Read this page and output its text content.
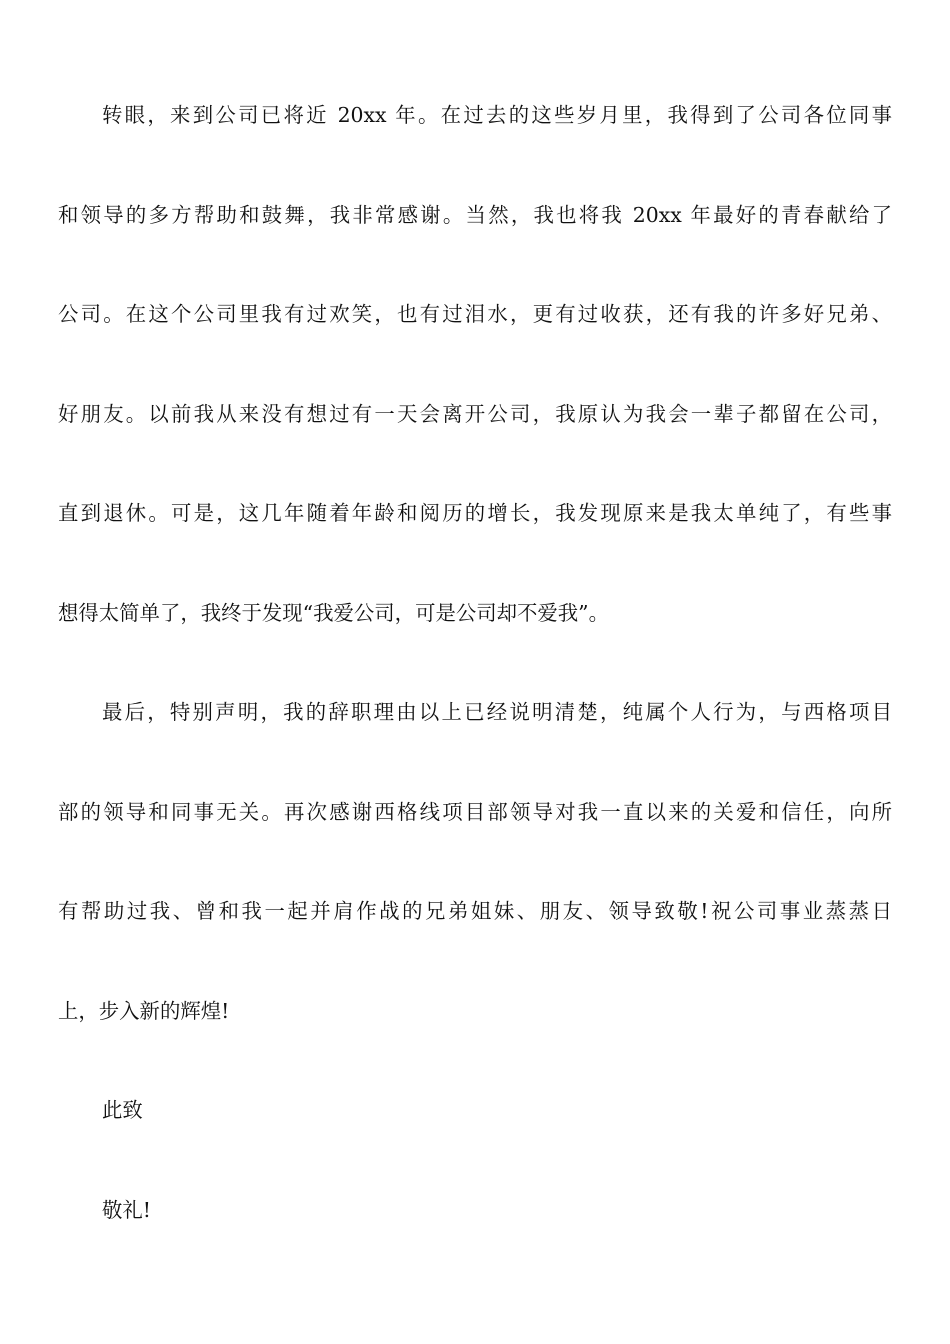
转眼，来到公司已将近 20xx 年。在过去的这些岁月里，我得到了公司各位同事

和领导的多方帮助和鼓舞，我非常感谢。当然，我也将我 20xx 年最好的青春献给了

公司。在这个公司里我有过欢笑，也有过泪水，更有过收获，还有我的许多好兄弟、

好朋友。以前我从来没有想过有一天会离开公司，我原认为我会一辈子都留在公司，

直到退休。可是，这几年随着年龄和阅历的增长，我发现原来是我太单纯了，有些事

想得太简单了，我终于发现“我爱公司，可是公司却不爱我”。

最后，特别声明，我的辞职理由以上已经说明清楚，纯属个人行为，与西格项目

部的领导和同事无关。再次感谢西格线项目部领导对我一直以来的关爱和信任，向所

有帮助过我、曾和我一起并肩作战的兄弟姐妹、朋友、领导致敬!祝公司事业蒸蒸日

上，步入新的辉煌!

此致

敬礼!
